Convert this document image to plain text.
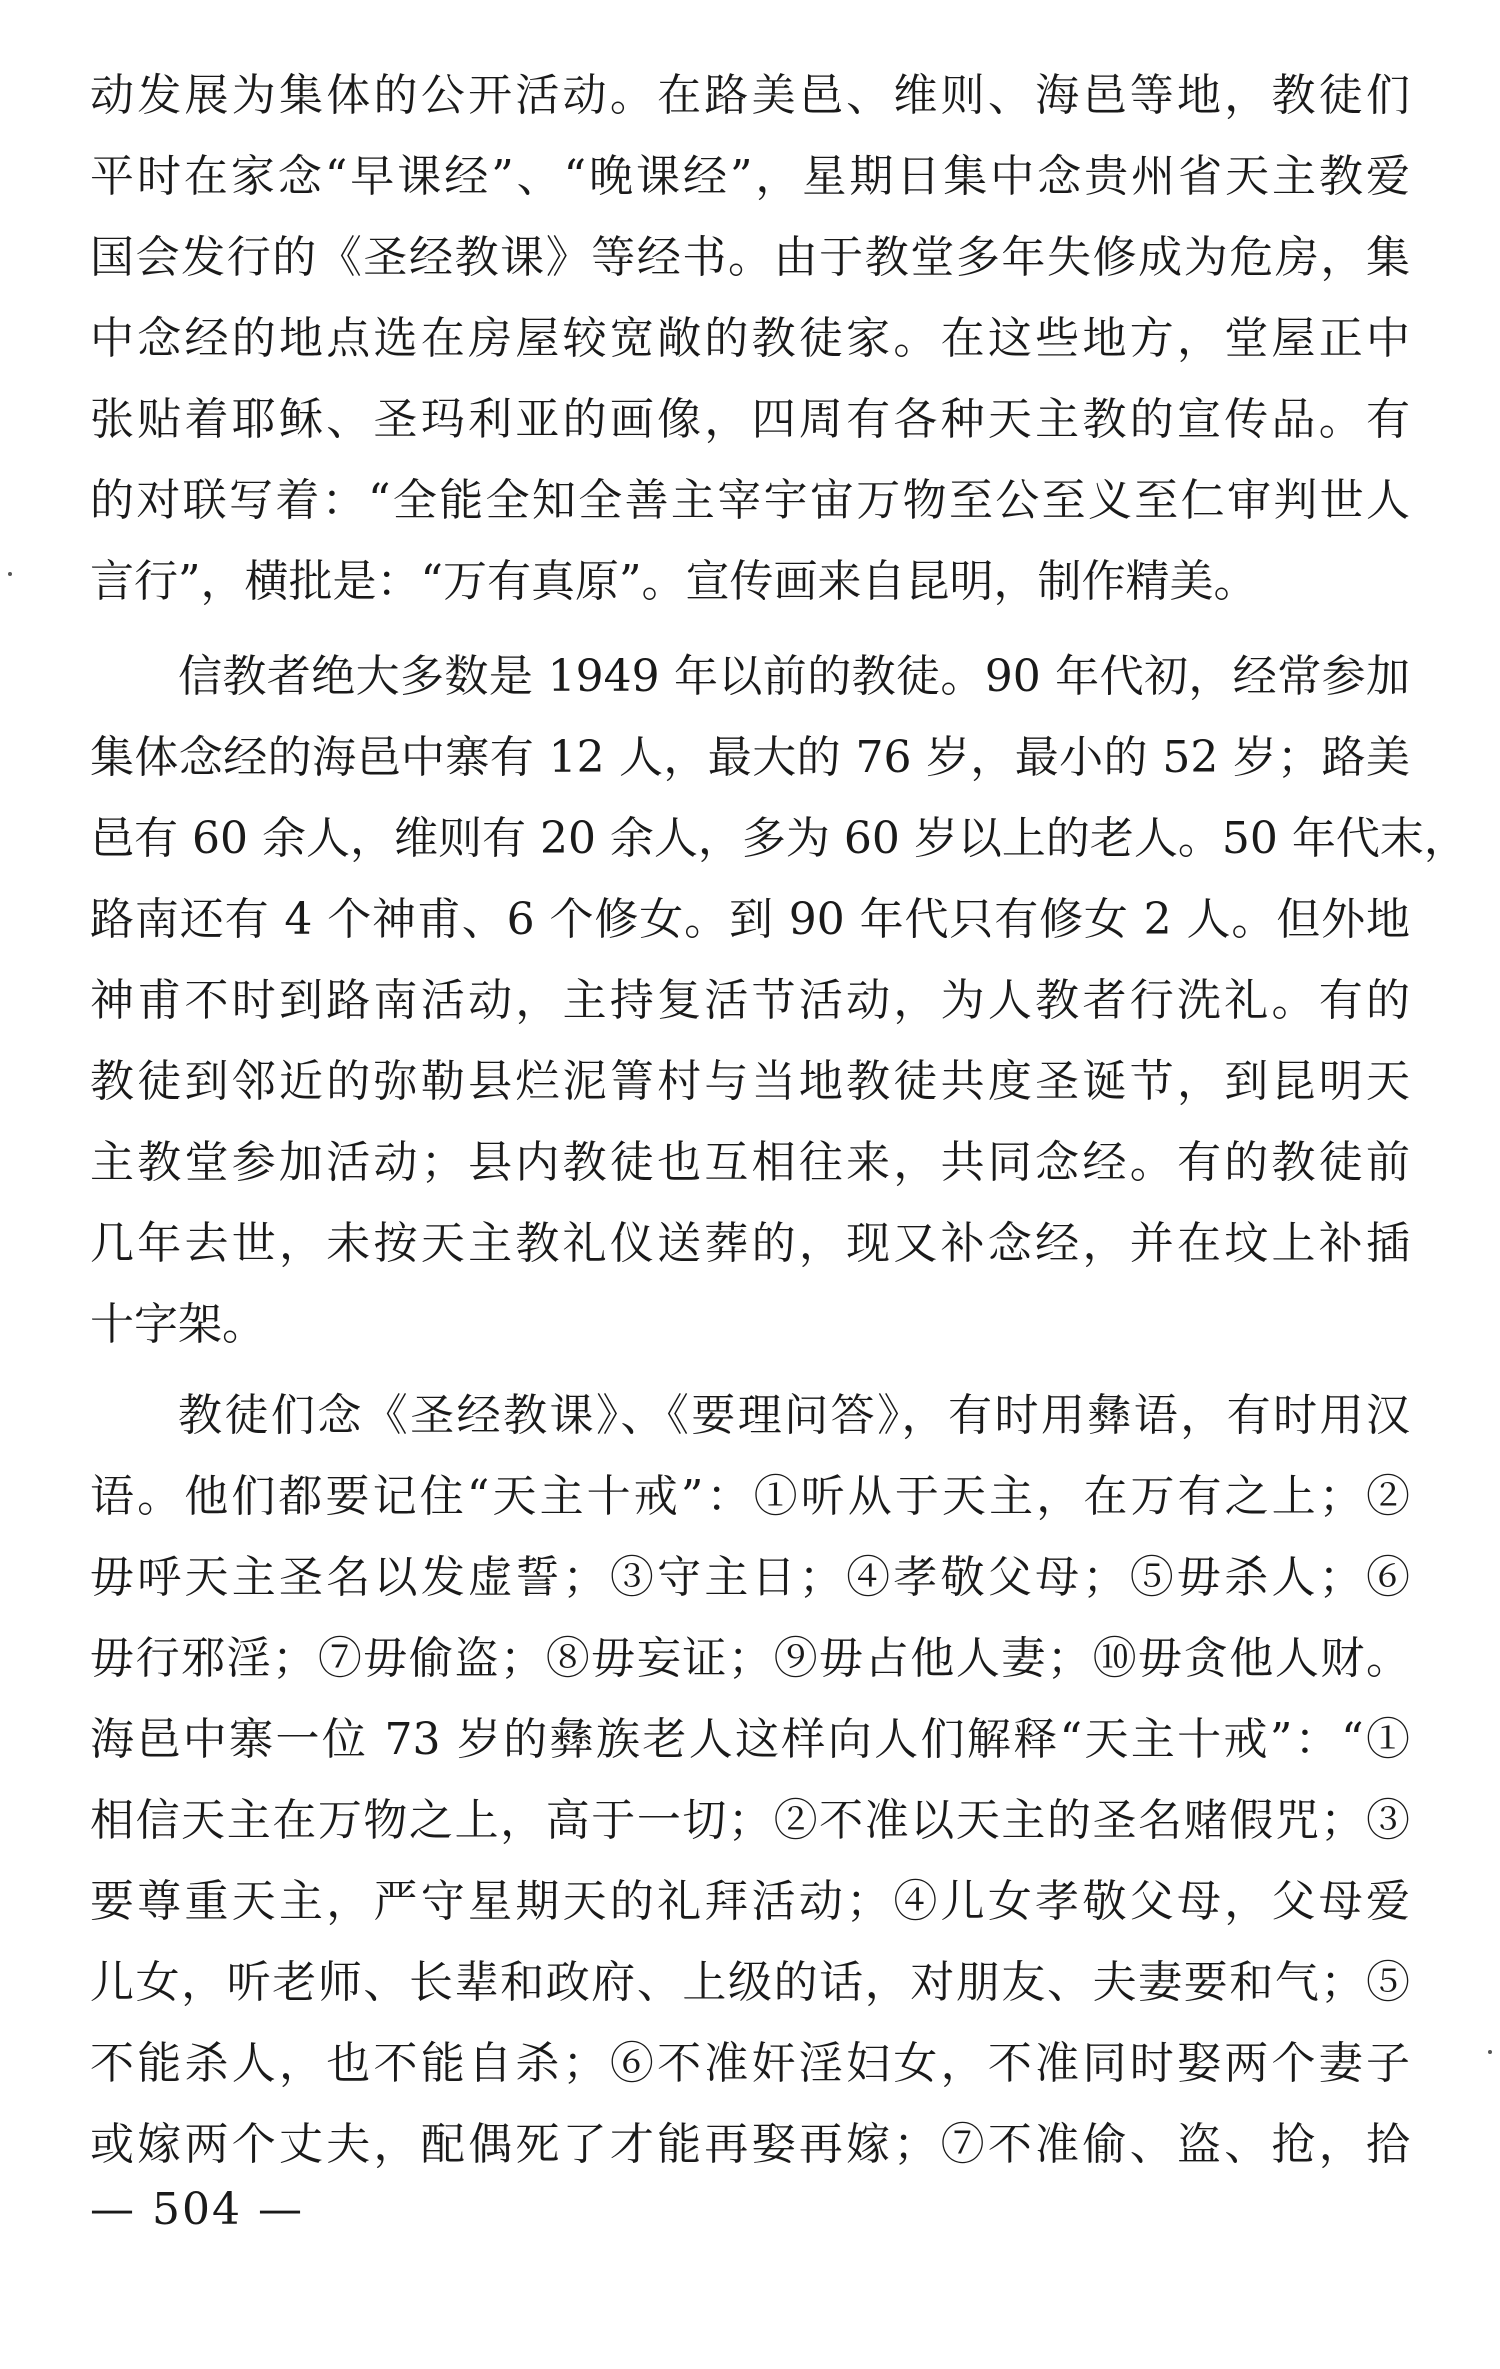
动发展为集体的公开活动。在路美邑、维则、海邑等地，教徒们
平时在家念“早课经”、“晚课经”，星期日集中念贵州省天主教爱
国会发行的《圣经教课》等经书。由于教堂多年失修成为危房，集
中念经的地点选在房屋较宽敞的教徒家。在这些地方，堂屋正中
张贴着耶稣、圣玛利亚的画像，四周有各种天主教的宣传品。有
的对联写着：“全能全知全善主宰宇宙万物至公至义至仁审判世人
言行”，横批是：“万有真原”。宣传画来自昆明，制作精美。
信教者绝大多数是 1949 年以前的教徒。90 年代初，经常参加
集体念经的海邑中寨有 12 人，最大的 76 岁，最小的 52 岁；路美
邑有 60 余人，维则有 20 余人，多为 60 岁以上的老人。50 年代末，
路南还有 4 个神甫、6 个修女。到 90 年代只有修女 2 人。但外地
神甫不时到路南活动，主持复活节活动，为人教者行洗礼。有的
教徒到邻近的弥勒县烂泥箐村与当地教徒共度圣诞节，到昆明天
主教堂参加活动；县内教徒也互相往来，共同念经。有的教徒前
几年去世，未按天主教礼仪送葬的，现又补念经，并在坟上补插
十字架。
教徒们念《圣经教课》、《要理问答》，有时用彝语，有时用汉
语。他们都要记住“天主十戒”：①听从于天主，在万有之上；②
毋呼天主圣名以发虚誓；③守主日；④孝敬父母；⑤毋杀人；⑥
毋行邪淫；⑦毋偷盗；⑧毋妄证；⑨毋占他人妻；⑩毋贪他人财。
海邑中寨一位 73 岁的彝族老人这样向人们解释“天主十戒”：“①
相信天主在万物之上，高于一切；②不准以天主的圣名赌假咒；③
要尊重天主，严守星期天的礼拜活动；④儿女孝敬父母，父母爱
儿女，听老师、长辈和政府、上级的话，对朋友、夫妻要和气；⑤
不能杀人，也不能自杀；⑥不准奸淫妇女，不准同时娶两个妻子
或嫁两个丈夫，配偶死了才能再娶再嫁；⑦不准偷、盗、抢，拾
— 504 —
